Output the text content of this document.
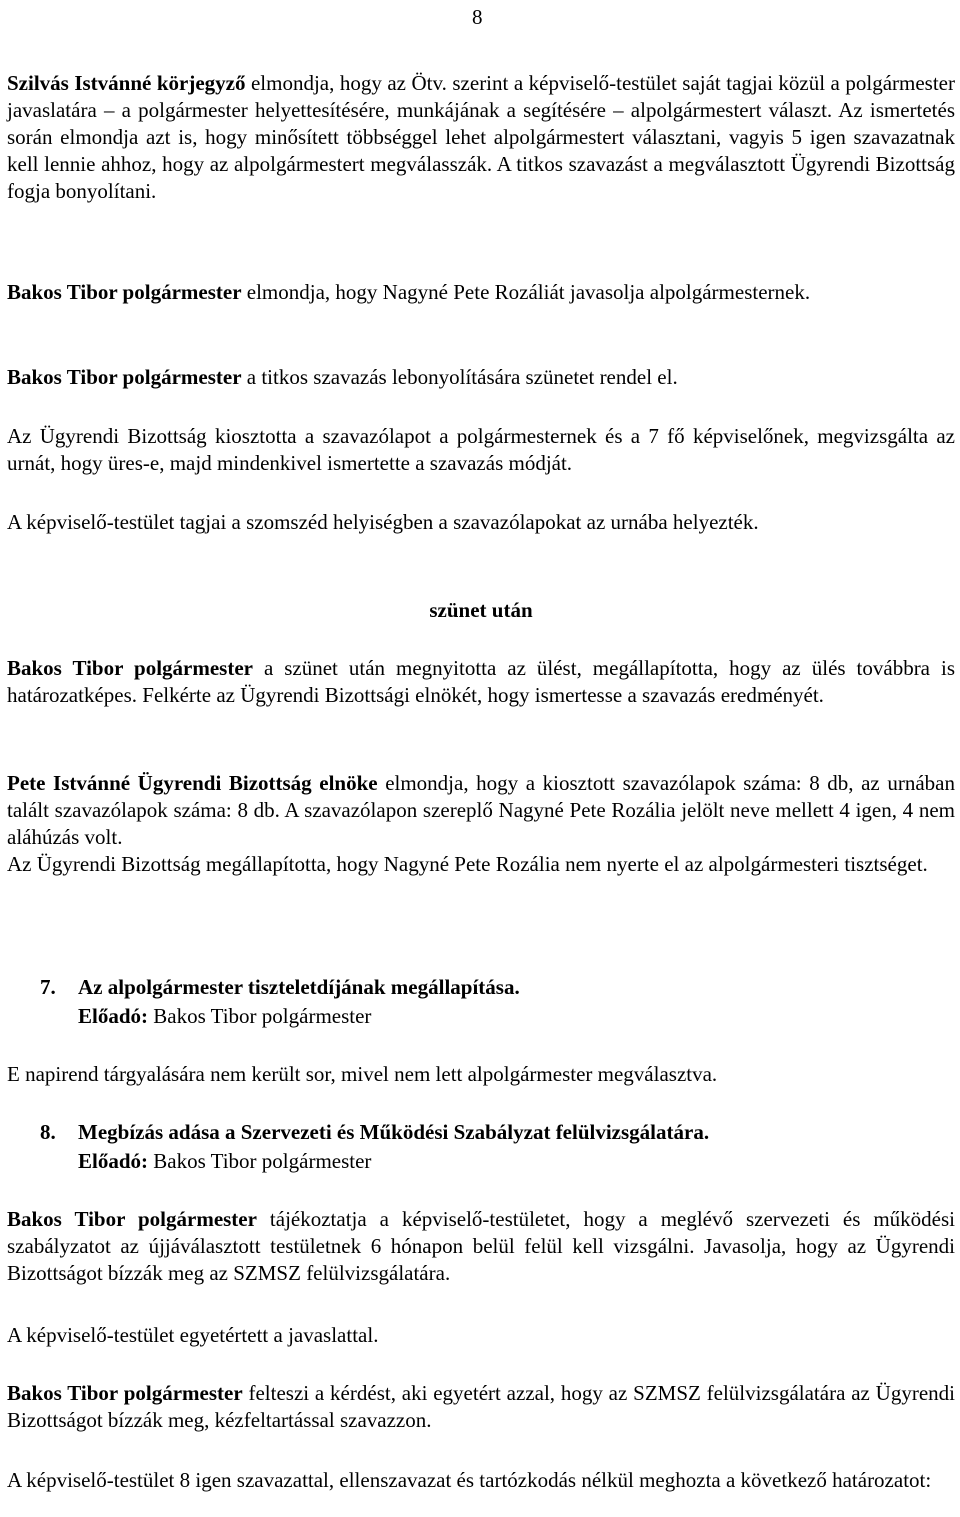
8

Szilvás Istvánné körjegyző elmondja, hogy az Ötv. szerint a képviselő-testület saját tagjai közül a polgármester javaslatára – a polgármester helyettesítésére, munkájának a segítésére – alpolgármestert választ. Az ismertetés során elmondja azt is, hogy minősített többséggel lehet alpolgármestert választani, vagyis 5 igen szavazatnak kell lennie ahhoz, hogy az alpolgármestert megválasszák. A titkos szavazást a megválasztott Ügyrendi Bizottság fogja bonyolítani.

Bakos Tibor polgármester elmondja, hogy Nagyné Pete Rozáliát javasolja alpolgármesternek.

Bakos Tibor polgármester a titkos szavazás lebonyolítására szünetet rendel el.

Az Ügyrendi Bizottság kiosztotta a szavazólapot a polgármesternek és a 7 fő képviselőnek, megvizsgálta az urnát, hogy üres-e, majd mindenkivel ismertette a szavazás módját.

A képviselő-testület tagjai a szomszéd helyiségben a szavazólapokat az urnába helyezték.

szünet után

Bakos Tibor polgármester a szünet után megnyitotta az ülést, megállapította, hogy az ülés továbbra is határozatképes. Felkérte az Ügyrendi Bizottsági elnökét, hogy ismertesse a szavazás eredményét.

Pete Istvánné Ügyrendi Bizottság elnöke elmondja, hogy a kiosztott szavazólapok száma: 8 db, az urnában talált szavazólapok száma: 8 db. A szavazólapon szereplő Nagyné Pete Rozália jelölt neve mellett 4 igen, 4 nem aláhúzás volt.

Az Ügyrendi Bizottság megállapította, hogy Nagyné Pete Rozália nem nyerte el az alpolgármesteri tisztséget.

7. Az alpolgármester tiszteletdíjának megállapítása.
Előadó: Bakos Tibor polgármester

E napirend tárgyalására nem került sor, mivel nem lett alpolgármester megválasztva.

8. Megbízás adása a Szervezeti és Működési Szabályzat felülvizsgálatára.
Előadó: Bakos Tibor polgármester

Bakos Tibor polgármester tájékoztatja a képviselő-testületet, hogy a meglévő szervezeti és működési szabályzatot az újjáválasztott testületnek 6 hónapon belül felül kell vizsgálni. Javasolja, hogy az Ügyrendi Bizottságot bízzák meg az SZMSZ felülvizsgálatára.

A képviselő-testület egyetértett a javaslattal.

Bakos Tibor polgármester felteszi a kérdést, aki egyetért azzal, hogy az SZMSZ felülvizsgálatára az Ügyrendi Bizottságot bízzák meg, kézfeltartással szavazzon.

A képviselő-testület 8 igen szavazattal, ellenszavazat és tartózkodás nélkül meghozta a következő határozatot:
